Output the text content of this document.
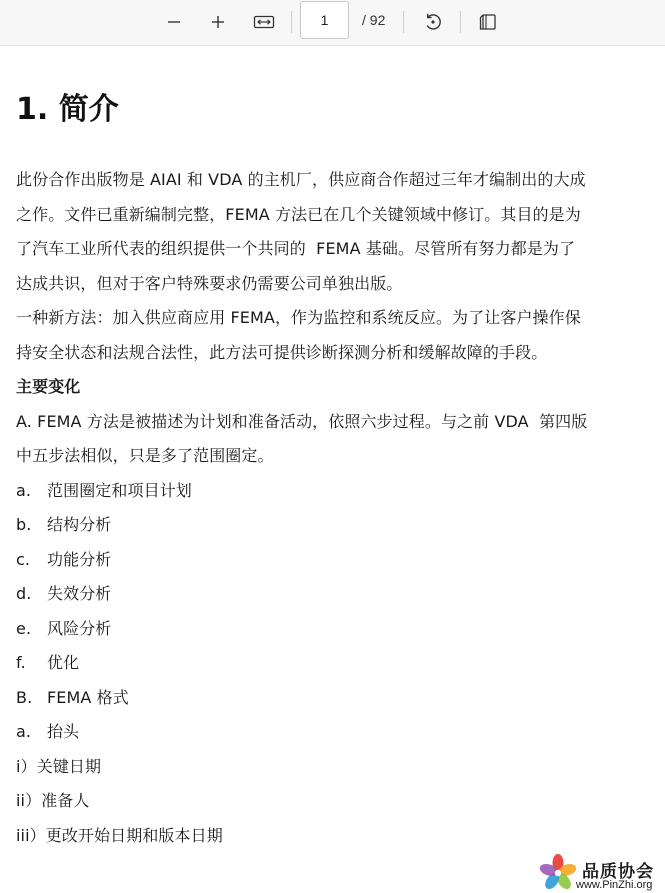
1
/ 92
1. 简介
此份合作出版物是 AIAI 和 VDA 的主机厂，供应商合作超过三年才编制出的大成
之作。文件已重新编制完整，FEMA 方法已在几个关键领域中修订。其目的是为
了汽车工业所代表的组织提供一个共同的  FEMA 基础。尽管所有努力都是为了
达成共识，但对于客户特殊要求仍需要公司单独出版。
一种新方法：加入供应商应用 FEMA，作为监控和系统反应。为了让客户操作保
持安全状态和法规合法性，此方法可提供诊断探测分析和缓解故障的手段。
主要变化
A. FEMA 方法是被描述为计划和准备活动，依照六步过程。与之前 VDA  第四版
中五步法相似，只是多了范围圈定。
a. 范围圈定和项目计划
b. 结构分析
c. 功能分析
d. 失效分析
e. 风险分析
f. 优化
B. FEMA 格式
a. 抬头
i）关键日期
ii）准备人
iii）更改开始日期和版本日期
品质协会
www.PinZhi.org
